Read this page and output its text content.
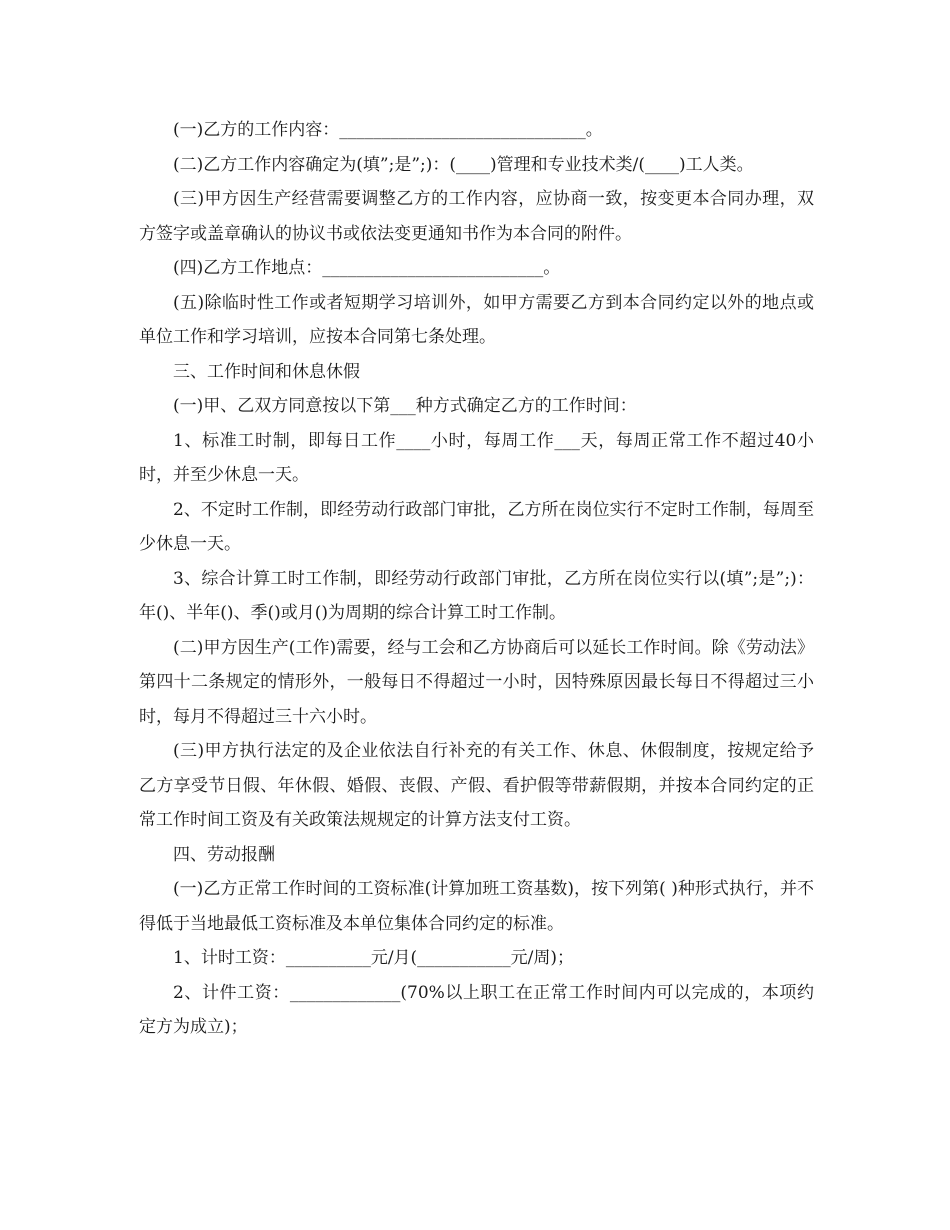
(一)乙方的工作内容：_____________________________。

(二)乙方工作内容确定为(填”;是”;)：(____)管理和专业技术类/(____)工人类。

(三)甲方因生产经营需要调整乙方的工作内容，应协商一致，按变更本合同办理，双方签字或盖章确认的协议书或依法变更通知书作为本合同的附件。

(四)乙方工作地点：__________________________。

(五)除临时性工作或者短期学习培训外，如甲方需要乙方到本合同约定以外的地点或单位工作和学习培训，应按本合同第七条处理。

三、工作时间和休息休假

(一)甲、乙双方同意按以下第___种方式确定乙方的工作时间：

1、标准工时制，即每日工作____小时，每周工作___天，每周正常工作不超过40小时，并至少休息一天。

2、不定时工作制，即经劳动行政部门审批，乙方所在岗位实行不定时工作制，每周至少休息一天。

3、综合计算工时工作制，即经劳动行政部门审批，乙方所在岗位实行以(填”;是”;)：年()、半年()、季()或月()为周期的综合计算工时工作制。

(二)甲方因生产(工作)需要，经与工会和乙方协商后可以延长工作时间。除《劳动法》第四十二条规定的情形外，一般每日不得超过一小时，因特殊原因最长每日不得超过三小时，每月不得超过三十六小时。

(三)甲方执行法定的及企业依法自行补充的有关工作、休息、休假制度，按规定给予乙方享受节日假、年休假、婚假、丧假、产假、看护假等带薪假期，并按本合同约定的正常工作时间工资及有关政策法规规定的计算方法支付工资。

四、劳动报酬

(一)乙方正常工作时间的工资标准(计算加班工资基数)，按下列第( )种形式执行，并不得低于当地最低工资标准及本单位集体合同约定的标准。

1、计时工资：__________元/月(___________元/周)；

2、计件工资：_____________(70%以上职工在正常工作时间内可以完成的，本项约定方为成立)；
